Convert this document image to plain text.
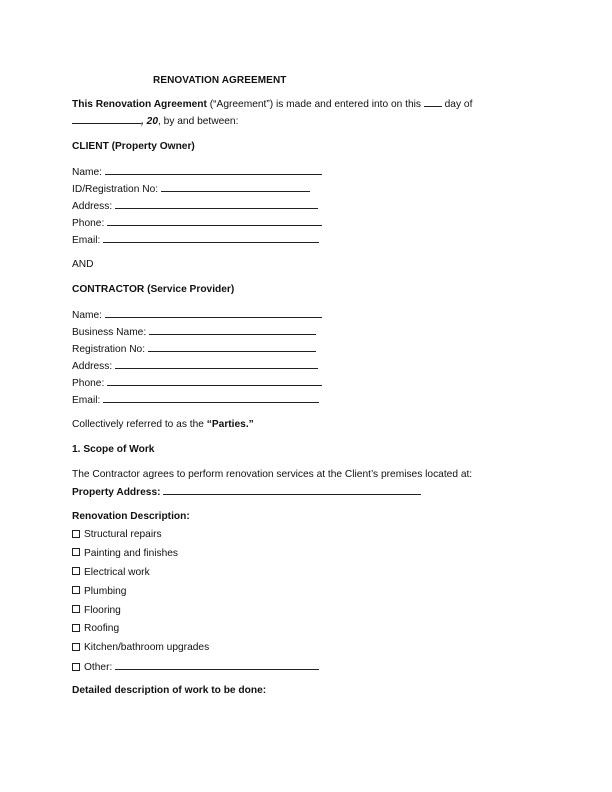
RENOVATION AGREEMENT
This Renovation Agreement (“Agreement”) is made and entered into on this  day of
, 20, by and between:
CLIENT (Property Owner)
Name:
ID/Registration No:
Address:
Phone:
Email:
AND
CONTRACTOR (Service Provider)
Name:
Business Name:
Registration No:
Address:
Phone:
Email:
Collectively referred to as the “Parties.”
1. Scope of Work
The Contractor agrees to perform renovation services at the Client’s premises located at:
Property Address:
Renovation Description:
Structural repairs
Painting and finishes
Electrical work
Plumbing
Flooring
Roofing
Kitchen/bathroom upgrades
Other:
Detailed description of work to be done:
